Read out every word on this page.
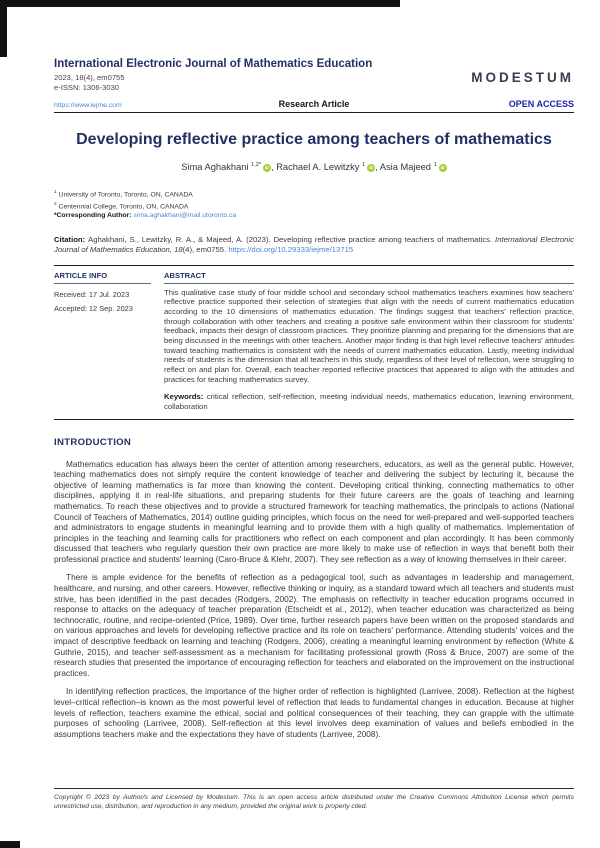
International Electronic Journal of Mathematics Education
2023, 18(4), em0755
e-ISSN: 1306-3030
MODESTUM
https://www.iejme.com	Research Article	OPEN ACCESS
Developing reflective practice among teachers of mathematics
Sima Aghakhani $^{1,2*}$ iD , Rachael A. Lewitzky $^1$ iD , Asia Majeed $^1$ iD
$^1$ University of Toronto, Toronto, ON, CANADA
$^2$ Centennial College, Toronto, ON, CANADA
*Corresponding Author: sima.aghakhani@mail.utoronto.ca
Citation: Aghakhani, S., Lewitzky, R. A., & Majeed, A. (2023). Developing reflective practice among teachers of mathematics. International Electronic Journal of Mathematics Education, 18(4), em0755. https://doi.org/10.29333/iejme/13715
ARTICLE INFO
Received: 17 Jul. 2023
Accepted: 12 Sep. 2023
ABSTRACT
This qualitative case study of four middle school and secondary school mathematics teachers examines how teachers' reflective practice supported their selection of strategies that align with the needs of current mathematics education according to the 10 dimensions of mathematics education. The findings suggest that teachers' reflection practice, through collaboration with other teachers and creating a positive safe environment within their classroom for students' feedback, impacts their design of classroom practices. They prioritize planning and preparing for the dimensions that are being discussed in the meetings with other teachers. Another major finding is that high level reflective teachers' attitudes toward teaching mathematics is consistent with the needs of current mathematics education. Lastly, meeting individual needs of students is the dimension that all teachers in this study, regardless of their level of reflection, were struggling to reflect on and plan for. Overall, each teacher reported reflective practices that appeared to align with the attitudes and practices for teaching mathematics survey.
Keywords: critical reflection, self-reflection, meeting individual needs, mathematics education, learning environment, collaboration
INTRODUCTION

Mathematics education has always been the center of attention among researchers, educators, as well as the general public. However, teaching mathematics does not simply require the content knowledge of teacher and delivering the subject by lecturing it, because the objective of learning mathematics is far more than knowing the content. Developing critical thinking, connecting mathematics to other disciplines, applying it in real-life situations, and preparing students for their future careers are the goals of teaching and learning mathematics. To reach these objectives and to provide a structured framework for teaching mathematics, the principals to actions (National Council of Teachers of Mathematics, 2014) outline guiding principles, which focus on the need for well-prepared and well-supported teachers and administrators to engage students in meaningful learning and to provide them with a high quality of mathematics. Implementation of principles in the teaching and learning calls for practitioners who reflect on each component and plan accordingly. It has been commonly discussed that teachers who regularly question their own practice are more likely to make use of reflection in ways that benefit both their professional practice and students' learning (Caro-Bruce & Klehr, 2007). They see reflection as a way of knowing themselves in their career.

There is ample evidence for the benefits of reflection as a pedagogical tool, such as advantages in leadership and management, healthcare, and nursing, and other careers. However, reflective thinking or inquiry, as a standard toward which all teachers and students must strive, has been identified in the past decades (Rodgers, 2002). The emphasis on reflectivity in teacher education programs occurred in response to attacks on the adequacy of teacher preparation (Etscheidt et al., 2012), when teacher education was characterized as being technocratic, routine, and recipe-oriented (Price, 1989). Over time, further research papers have been written on the proposed standards and on various approaches and levels for developing reflective practice and its role on teachers' performance. Attending students' voices and the impact of descriptive feedback on learning and teaching (Rodgers, 2006), creating a meaningful learning environment by reflection (White & Guthrie, 2015), and teacher self-assessment as a mechanism for facilitating professional growth (Ross & Bruce, 2007) are some of the research studies that presented the importance of encouraging reflection for teachers and elaborated on the improvement on the instructional practices.

In identifying reflection practices, the importance of the higher order of reflection is highlighted (Larrivee, 2008). Reflection at the highest level–critical reflection–is known as the most powerful level of reflection that leads to fundamental changes in education. Because at higher levels of reflection, teachers examine the ethical, social and political consequences of their teaching, they can grapple with the ultimate purposes of schooling (Larrivee, 2008). Self-reflection at this level involves deep examination of values and beliefs embodied in the assumptions teachers make and the expectations they have of students (Larrivee, 2008).

Copyright © 2023 by Author/s and Licensed by Modestum. This is an open access article distributed under the Creative Commons Attribution License which permits unrestricted use, distribution, and reproduction in any medium, provided the original work is properly cited.
